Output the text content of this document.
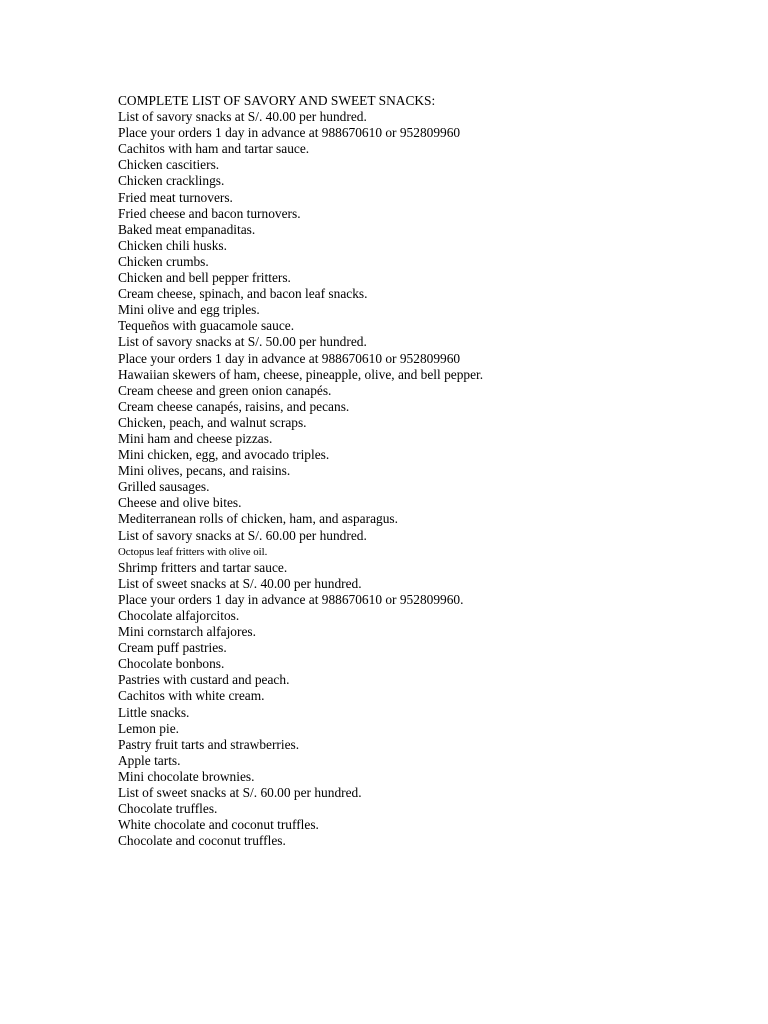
COMPLETE LIST OF SAVORY AND SWEET SNACKS:

List of savory snacks at S/. 40.00 per hundred.

Place your orders 1 day in advance at 988670610 or 952809960

Cachitos with ham and tartar sauce.

Chicken cascitiers.

Chicken cracklings.

Fried meat turnovers.

Fried cheese and bacon turnovers.

Baked meat empanaditas.

Chicken chili husks.

Chicken crumbs.

Chicken and bell pepper fritters.

Cream cheese, spinach, and bacon leaf snacks.

Mini olive and egg triples.

Tequeños with guacamole sauce.

List of savory snacks at S/. 50.00 per hundred.

Place your orders 1 day in advance at 988670610 or 952809960

Hawaiian skewers of ham, cheese, pineapple, olive, and bell pepper.

Cream cheese and green onion canapés.

Cream cheese canapés, raisins, and pecans.

Chicken, peach, and walnut scraps.

Mini ham and cheese pizzas.

Mini chicken, egg, and avocado triples.

Mini olives, pecans, and raisins.

Grilled sausages.

Cheese and olive bites.

Mediterranean rolls of chicken, ham, and asparagus.

List of savory snacks at S/. 60.00 per hundred.

Octopus leaf fritters with olive oil.

Shrimp fritters and tartar sauce.

List of sweet snacks at S/. 40.00 per hundred.

Place your orders 1 day in advance at 988670610 or 952809960.

Chocolate alfajorcitos.

Mini cornstarch alfajores.

Cream puff pastries.

Chocolate bonbons.

Pastries with custard and peach.

Cachitos with white cream.

Little snacks.

Lemon pie.

Pastry fruit tarts and strawberries.

Apple tarts.

Mini chocolate brownies.

List of sweet snacks at S/. 60.00 per hundred.

Chocolate truffles.

White chocolate and coconut truffles.

Chocolate and coconut truffles.
